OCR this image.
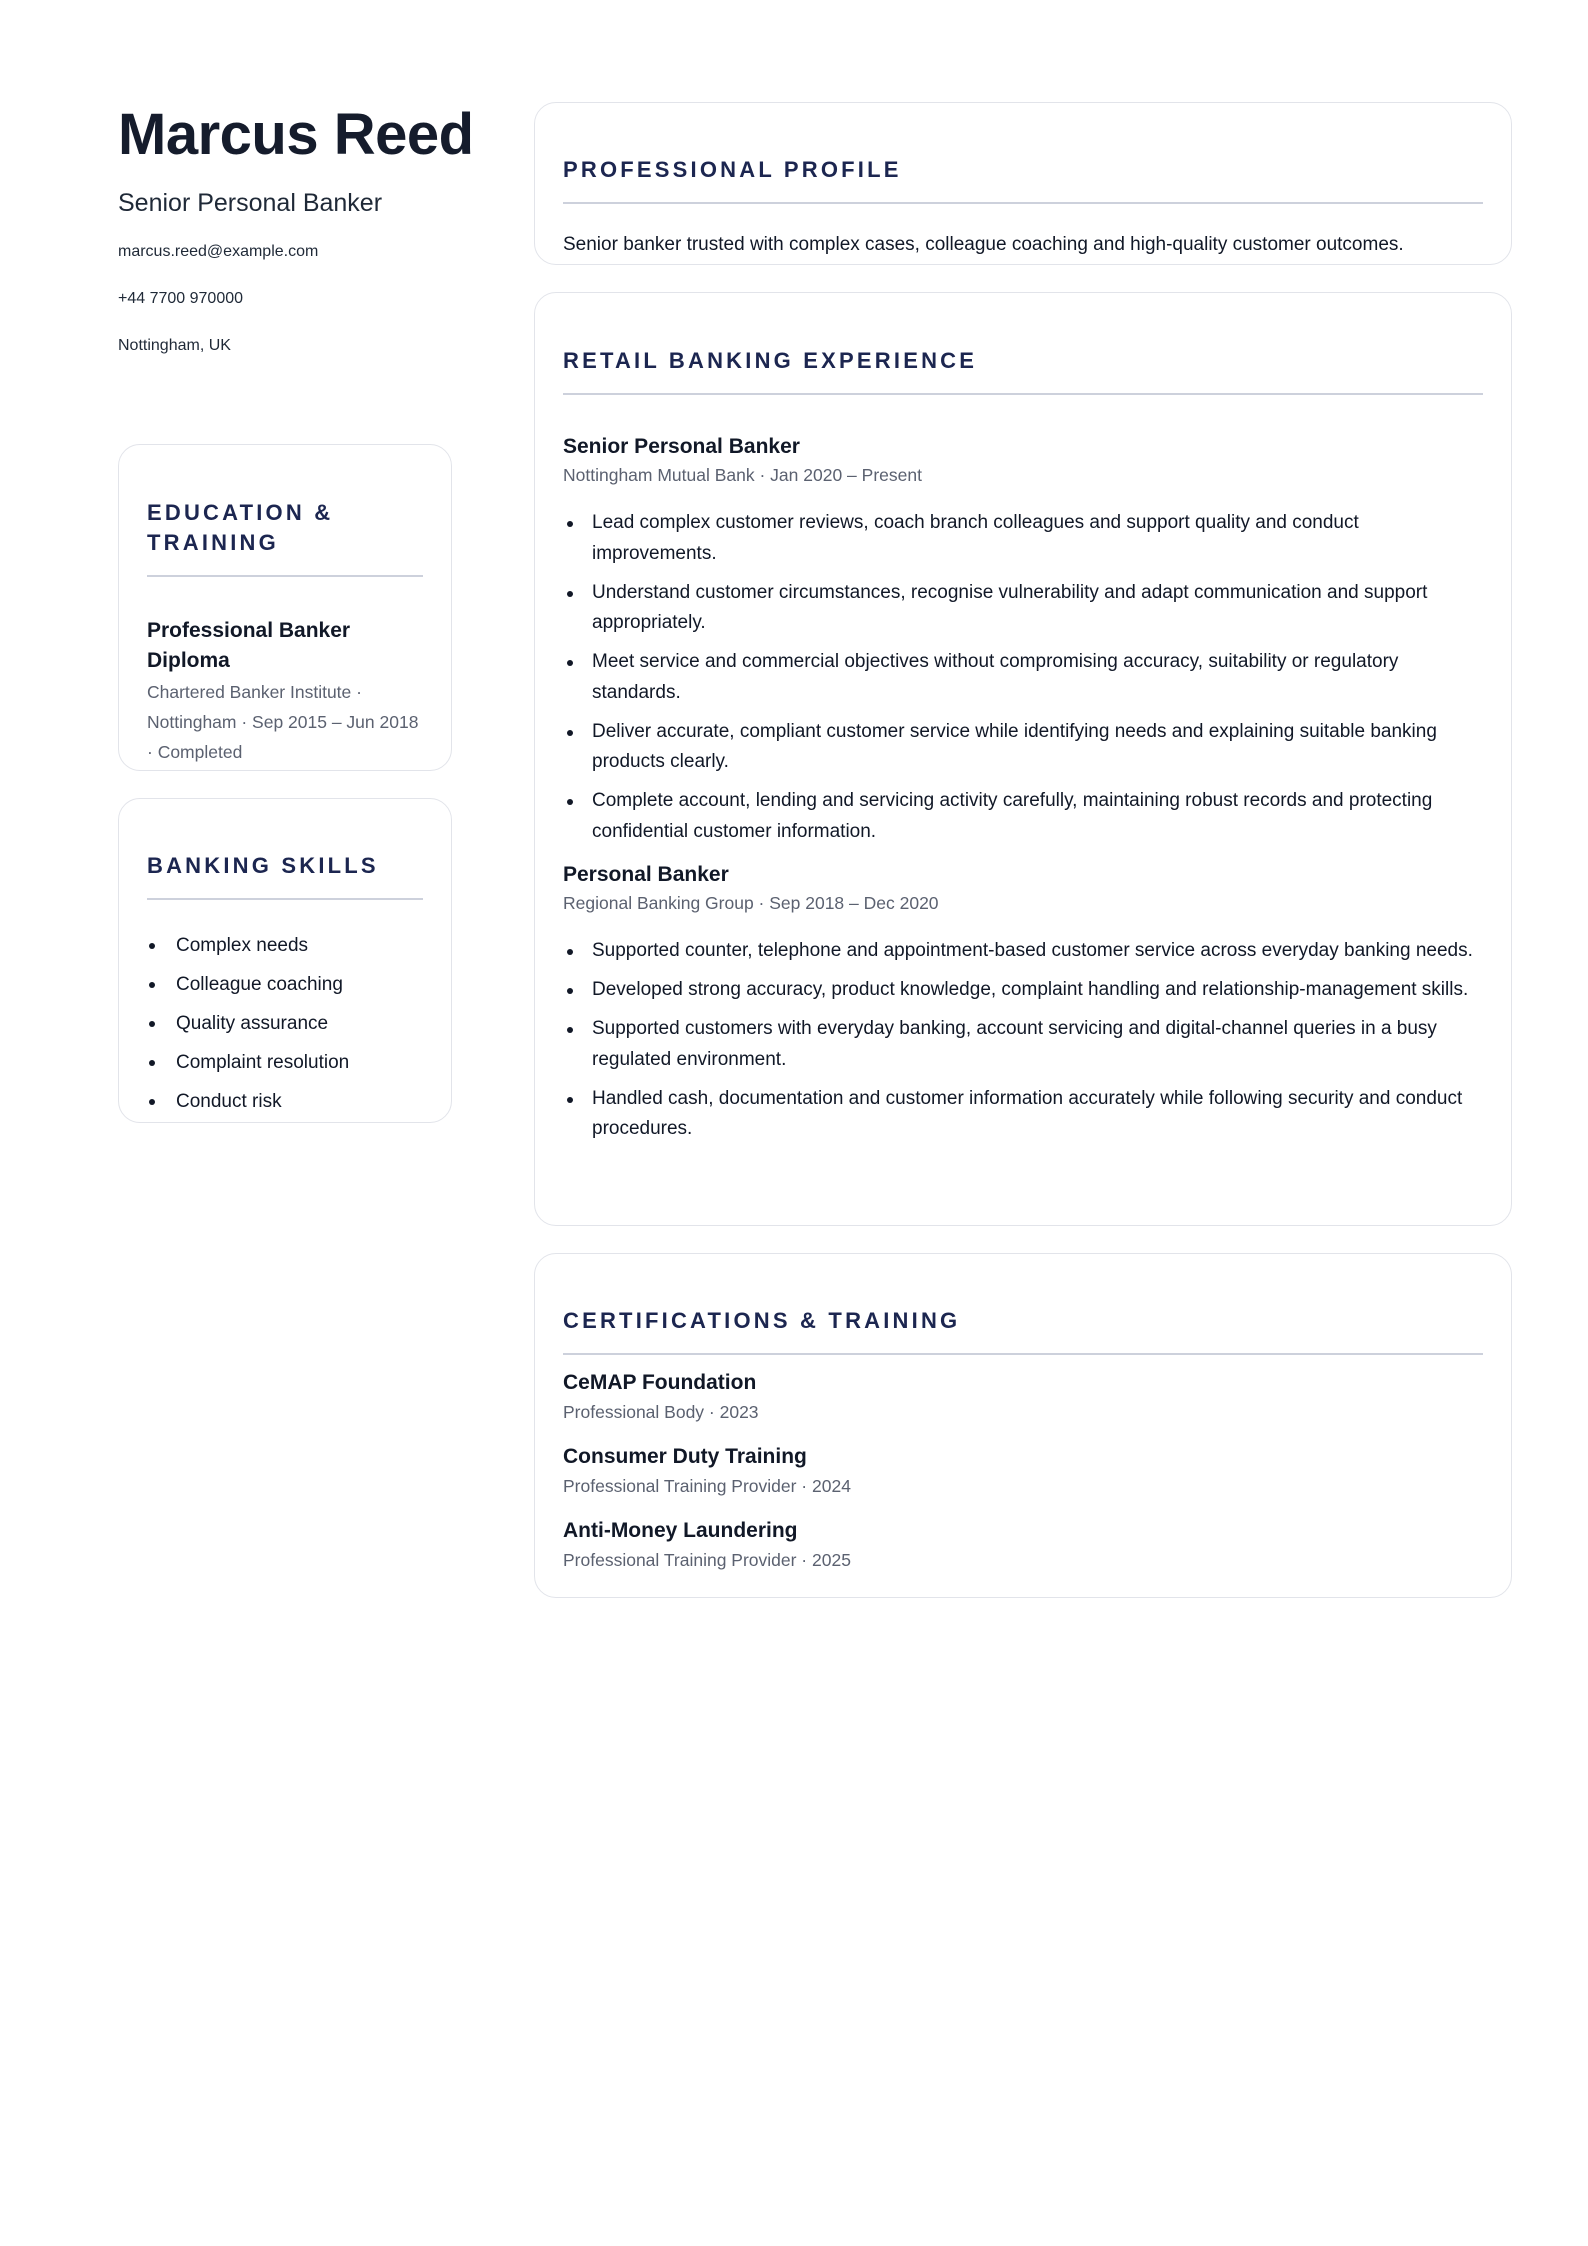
Marcus Reed
Senior Personal Banker
marcus.reed@example.com
+44 7700 970000
Nottingham, UK
EDUCATION & TRAINING
Professional Banker Diploma
Chartered Banker Institute · Nottingham · Sep 2015 – Jun 2018 · Completed
BANKING SKILLS
Complex needs
Colleague coaching
Quality assurance
Complaint resolution
Conduct risk
PROFESSIONAL PROFILE
Senior banker trusted with complex cases, colleague coaching and high-quality customer outcomes.
RETAIL BANKING EXPERIENCE
Senior Personal Banker
Nottingham Mutual Bank · Jan 2020 – Present
Lead complex customer reviews, coach branch colleagues and support quality and conduct improvements.
Understand customer circumstances, recognise vulnerability and adapt communication and support appropriately.
Meet service and commercial objectives without compromising accuracy, suitability or regulatory standards.
Deliver accurate, compliant customer service while identifying needs and explaining suitable banking products clearly.
Complete account, lending and servicing activity carefully, maintaining robust records and protecting confidential customer information.
Personal Banker
Regional Banking Group · Sep 2018 – Dec 2020
Supported counter, telephone and appointment-based customer service across everyday banking needs.
Developed strong accuracy, product knowledge, complaint handling and relationship-management skills.
Supported customers with everyday banking, account servicing and digital-channel queries in a busy regulated environment.
Handled cash, documentation and customer information accurately while following security and conduct procedures.
CERTIFICATIONS & TRAINING
CeMAP Foundation
Professional Body · 2023
Consumer Duty Training
Professional Training Provider · 2024
Anti-Money Laundering
Professional Training Provider · 2025
